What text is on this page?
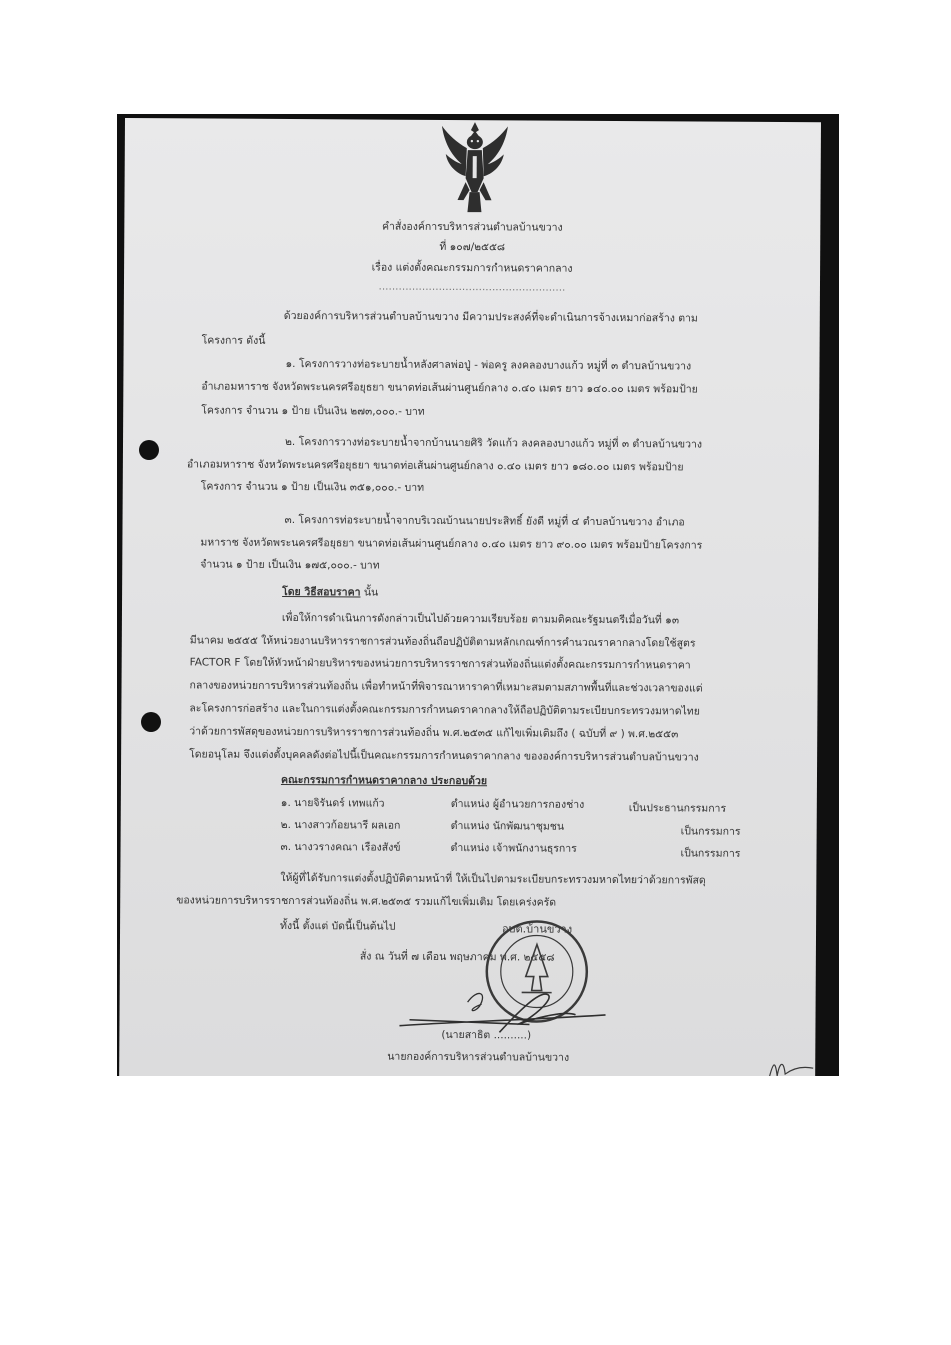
คำสั่งองค์การบริหารส่วนตำบลบ้านขวาง
ที่ ๑๐๗/๒๕๕๘
เรื่อง แต่งตั้งคณะกรรมการกำหนดราคากลาง
........................................................
ด้วยองค์การบริหารส่วนตำบลบ้านขวาง มีความประสงค์ที่จะดำเนินการจ้างเหมาก่อสร้าง ตาม
โครงการ ดังนี้
๑. โครงการวางท่อระบายน้ำหลังศาลพ่อปู่ - พ่อครู ลงคลองบางแก้ว หมู่ที่ ๓ ตำบลบ้านขวาง
อำเภอมหาราช จังหวัดพระนครศรีอยุธยา ขนาดท่อเส้นผ่านศูนย์กลาง ๐.๔๐ เมตร ยาว ๑๔๐.๐๐ เมตร พร้อมป้าย
โครงการ จำนวน ๑ ป้าย เป็นเงิน ๒๗๓,๐๐๐.- บาท
๒. โครงการวางท่อระบายน้ำจากบ้านนายศิริ วัดแก้ว ลงคลองบางแก้ว หมู่ที่ ๓ ตำบลบ้านขวาง
อำเภอมหาราช จังหวัดพระนครศรีอยุธยา ขนาดท่อเส้นผ่านศูนย์กลาง ๐.๔๐ เมตร ยาว ๑๘๐.๐๐ เมตร พร้อมป้าย
โครงการ จำนวน ๑ ป้าย เป็นเงิน ๓๕๑,๐๐๐.- บาท
๓. โครงการท่อระบายน้ำจากบริเวณบ้านนายประสิทธิ์ ยังดี หมู่ที่ ๔ ตำบลบ้านขวาง อำเภอ
มหาราช จังหวัดพระนครศรีอยุธยา ขนาดท่อเส้นผ่านศูนย์กลาง ๐.๔๐ เมตร ยาว ๙๐.๐๐ เมตร พร้อมป้ายโครงการ
จำนวน ๑ ป้าย เป็นเงิน ๑๗๕,๐๐๐.- บาท
โดย วิธีสอบราคา นั้น
เพื่อให้การดำเนินการดังกล่าวเป็นไปด้วยความเรียบร้อย ตามมติคณะรัฐมนตรีเมื่อวันที่ ๑๓
มีนาคม ๒๕๕๕ ให้หน่วยงานบริหารราชการส่วนท้องถิ่นถือปฏิบัติตามหลักเกณฑ์การคำนวณราคากลางโดยใช้สูตร
FACTOR F โดยให้หัวหน้าฝ่ายบริหารของหน่วยการบริหารราชการส่วนท้องถิ่นแต่งตั้งคณะกรรมการกำหนดราคา
กลางของหน่วยการบริหารส่วนท้องถิ่น เพื่อทำหน้าที่พิจารณาหาราคาที่เหมาะสมตามสภาพพื้นที่และช่วงเวลาของแต่
ละโครงการก่อสร้าง และในการแต่งตั้งคณะกรรมการกำหนดราคากลางให้ถือปฏิบัติตามระเบียบกระทรวงมหาดไทย
ว่าด้วยการพัสดุของหน่วยการบริหารราชการส่วนท้องถิ่น พ.ศ.๒๕๓๕ แก้ไขเพิ่มเติมถึง ( ฉบับที่ ๙ ) พ.ศ.๒๕๕๓
โดยอนุโลม จึงแต่งตั้งบุคคลดังต่อไปนี้เป็นคณะกรรมการกำหนดราคากลาง ขององค์การบริหารส่วนตำบลบ้านขวาง
คณะกรรมการกำหนดราคากลาง ประกอบด้วย
๑. นายจิรันดร์ เทพแก้ว	ตำแหน่ง ผู้อำนวยการกองช่าง	เป็นประธานกรรมการ
๒. นางสาวก้อยนารี ผลเอก	ตำแหน่ง นักพัฒนาชุมชน	เป็นกรรมการ
๓. นางวรางคณา เรืองสังข์	ตำแหน่ง เจ้าพนักงานธุรการ	เป็นกรรมการ
ให้ผู้ที่ได้รับการแต่งตั้งปฏิบัติตามหน้าที่ ให้เป็นไปตามระเบียบกระทรวงมหาดไทยว่าด้วยการพัสดุ
ของหน่วยการบริหารราชการส่วนท้องถิ่น พ.ศ.๒๕๓๕ รวมแก้ไขเพิ่มเติม โดยเคร่งครัด
ทั้งนี้ ตั้งแต่ บัดนี้เป็นต้นไป
สั่ง ณ วันที่ ๗ เดือน พฤษภาคม พ.ศ. ๒๕๕๘
อบต.บ้านขวาง
(นายสาธิต ..........)
นายกองค์การบริหารส่วนตำบลบ้านขวาง
